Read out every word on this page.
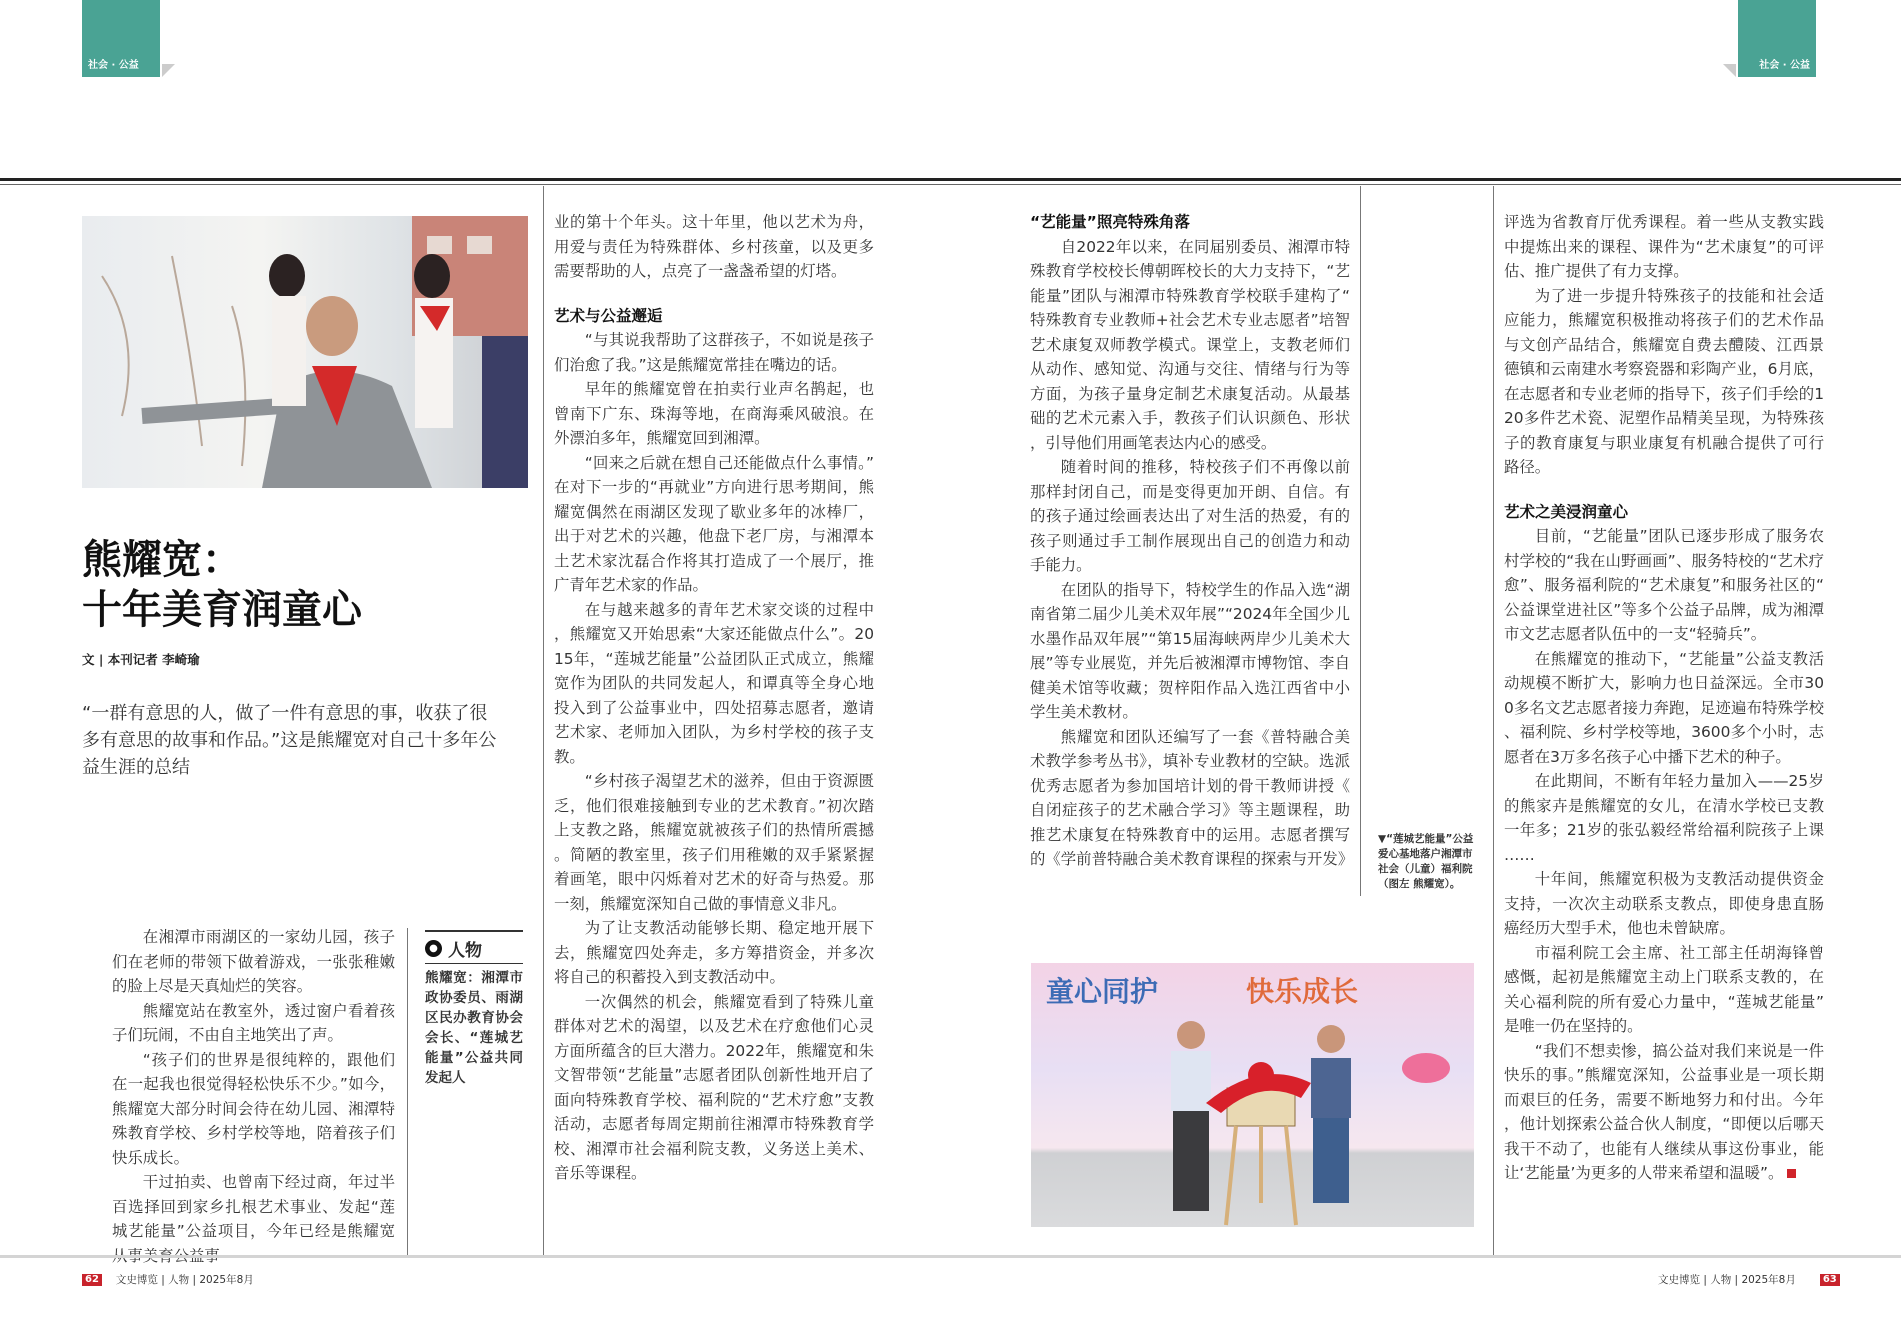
社会 · 公益	社会 · 公益
熊耀宽：
十年美育润童心
文 | 本刊记者 李崎瑜
“一群有意思的人，做了一件有意思的事，收获了很多有意思的故事和作品。”这是熊耀宽对自己十多年公益生涯的总结

在湘潭市雨湖区的一家幼儿园，孩子们在老师的带领下做着游戏，一张张稚嫩的脸上尽是天真灿烂的笑容。

熊耀宽站在教室外，透过窗户看着孩子们玩闹，不由自主地笑出了声。

“孩子们的世界是很纯粹的，跟他们在一起我也很觉得轻松快乐不少。”如今，熊耀宽大部分时间会待在幼儿园、湘潭特殊教育学校、乡村学校等地，陪着孩子们快乐成长。

干过拍卖、也曾南下经过商，年过半百选择回到家乡扎根艺术事业、发起“莲城艺能量”公益项目，今年已经是熊耀宽

● 人物
熊耀宽：湘潭市政协委员、雨湖区民办教育协会会长、“莲城艺能量”公益共同发起人

业的第十个年头。这十年里，他以艺术为舟，用爱与责任为特殊群体、乡村孩童，以及更多需要帮助的人，点亮了一盏盏希望的灯塔。

艺术与公益邂逅

“与其说我帮助了这群孩子，不如说是孩子们治愈了我。”这是熊耀宽常挂在嘴边的话。

早年的熊耀宽曾在拍卖行业声名鹊起，也曾南下广东、珠海等地，在商海乘风破浪。在外漂泊多年，熊耀宽回到湘潭。

“回来之后就在想自己还能做点什么事情。”在对下一步的“再就业”方向进行思考期间，熊耀宽偶然在雨湖区发现了歇业多年的冰棒厂，出于对艺术的兴趣，他盘下老厂房，与湘潭本土艺术家沈磊合作将其打造成了一个展厅，推广青年艺术家的作品。

在与越来越多的青年艺术家交谈的过程中，熊耀宽又开始思索“大家还能做点什么”。2015年，“莲城艺能量”公益团队正式成立，熊耀宽作为团队的共同发起人，和谭真等全身心地投入到了公益事业中，四处招募志愿者，邀请艺术家、老师加入团队，为乡村学校的孩子支教。

“乡村孩子渴望艺术的滋养，但由于资源匮乏，他们很难接触到专业的艺术教育。”初次踏上支教之路，熊耀宽就被孩子们的热情所震撼。简陋的教室里，孩子们用稚嫩的双手紧紧握着画笔，眼中闪烁着对艺术的好奇与热爱。那一刻，熊耀宽深知自己做的事情意义非凡。

为了让支教活动能够长期、稳定地开展下去，熊耀宽四处奔走，多方筹措资金，并多次将自己的积蓄投入到支教活动中。

一次偶然的机会，熊耀宽看到了特殊儿童群体对艺术的渴望，以及艺术在疗愈他们心灵方面所蕴含的巨大潜力。2022年，熊耀宽和朱文智带领“艺能量”志愿者团队创新性地开启了面向特殊教育学校、福利院的“艺术疗愈”支教活动，志愿者每周定期前往湘潭市特殊教育学校、湘潭市社会福利院支教，义务送上美术、音乐等课程。

“艺能量”照亮特殊角落

自2022年以来，在同届别委员、湘潭市特殊教育学校校长傅朝晖校长的大力支持下，“艺能量”团队与湘潭市特殊教育学校联手建构了“特殊教育专业教师+社会艺术专业志愿者”培智艺术康复双师教学模式。课堂上，支教老师们从动作、感知觉、沟通与交往、情绪与行为等方面，为孩子量身定制艺术康复活动。从最基础的艺术元素入手，教孩子们认识颜色、形状，引导他们用画笔表达内心的感受。

随着时间的推移，特校孩子们不再像以前那样封闭自己，而是变得更加开朗、自信。有的孩子通过绘画表达出了对生活的热爱，有的孩子则通过手工制作展现出自己的创造力和动手能力。

在团队的指导下，特校学生的作品入选“湖南省第二届少儿美术双年展”“2024年全国少儿水墨作品双年展”“第15届海峡两岸少儿美术大展”等专业展览，并先后被湘潭市博物馆、李自健美术馆等收藏；贺梓阳作品入选江西省中小学生美术教材。

熊耀宽和团队还编写了一套《普特融合美术教学参考丛书》，填补专业教材的空缺。选派优秀志愿者为参加国培计划的骨干教师讲授《自闭症孩子的艺术融合学习》等主题课程，助推艺术康复在特殊教育中的运用。志愿者撰写的《学前普特融合美术教育课程的探索与开发》

▼“莲城艺能量”公益爱心基地落户湘潭市社会（儿童）福利院（图左 熊耀宽）。
童心同护	快乐成长

评选为省教育厅优秀课程。着一些从支教实践中提炼出来的课程、课件为“艺术康复”的可评估、推广提供了有力支撑。

为了进一步提升特殊孩子的技能和社会适应能力，熊耀宽积极推动将孩子们的艺术作品与文创产品结合，熊耀宽自费去醴陵、江西景德镇和云南建水考察瓷器和彩陶产业，6月底，在志愿者和专业老师的指导下，孩子们手绘的120多件艺术瓷、泥塑作品精美呈现，为特殊孩子的教育康复与职业康复有机融合提供了可行路径。

艺术之美浸润童心

目前，“艺能量”团队已逐步形成了服务农村学校的“我在山野画画”、服务特校的“艺术疗愈”、服务福利院的“艺术康复”和服务社区的“公益课堂进社区”等多个公益子品牌，成为湘潭市文艺志愿者队伍中的一支“轻骑兵”。

在熊耀宽的推动下，“艺能量”公益支教活动规模不断扩大，影响力也日益深远。全市300多名文艺志愿者接力奔跑，足迹遍布特殊学校、福利院、乡村学校等地，3600多个小时，志愿者在3万多名孩子心中播下艺术的种子。

在此期间，不断有年轻力量加入——25岁的熊家卉是熊耀宽的女儿，在清水学校已支教一年多；21岁的张弘毅经常给福利院孩子上课……

十年间，熊耀宽积极为支教活动提供资金支持，一次次主动联系支教点，即使身患直肠癌经历大型手术，他也未曾缺席。

市福利院工会主席、社工部主任胡海锋曾感慨，起初是熊耀宽主动上门联系支教的，在关心福利院的所有爱心力量中，“莲城艺能量”是唯一仍在坚持的。

“我们不想卖惨，搞公益对我们来说是一件快乐的事。”熊耀宽深知，公益事业是一项长期而艰巨的任务，需要不断地努力和付出。今年，他计划探索公益合伙人制度，“即便以后哪天我干不动了，也能有人继续从事这份事业，能让‘艺能量’为更多的人带来希望和温暖”。

62 文史博览 | 人物 | 2025年8月	文史博览 | 人物 | 2025年8月	63
